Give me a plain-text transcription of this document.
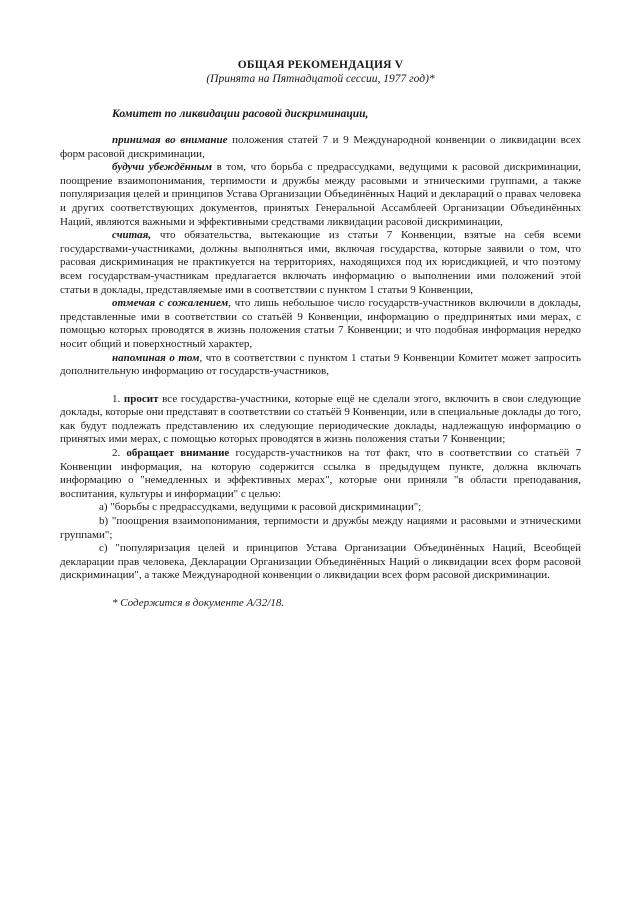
ОБЩАЯ РЕКОМЕНДАЦИЯ V

(Принята на Пятнадцатой сессии, 1977 год)*

Комитет по ликвидации расовой дискриминации,

принимая во внимание положения статей 7 и 9 Международной конвенции о ликвидации всех форм расовой дискриминации,

будучи убеждённым в том, что борьба с предрассудками, ведущими к расовой дискриминации, поощрение взаимопонимания, терпимости и дружбы между расовыми и этническими группами, а также популяризация целей и принципов Устава Организации Объединённых Наций и деклараций о правах человека и других соответствующих документов, принятых Генеральной Ассамблеей Организации Объединённых Наций, являются важными и эффективными средствами ликвидации расовой дискриминации,

считая, что обязательства, вытекающие из статьи 7 Конвенции, взятые на себя всеми государствами-участниками, должны выполняться ими, включая государства, которые заявили о том, что расовая дискриминация не практикуется на территориях, находящихся под их юрисдикцией, и что поэтому всем государствам-участникам предлагается включать информацию о выполнении ими положений этой статьи в доклады, представляемые ими в соответствии с пунктом 1 статьи 9 Конвенции,

отмечая с сожалением, что лишь небольшое число государств-участников включили в доклады, представленные ими в соответствии со статьёй 9 Конвенции, информацию о предпринятых ими мерах, с помощью которых проводятся в жизнь положения статьи 7 Конвенции; и что подобная информация нередко носит общий и поверхностный характер,

напоминая о том, что в соответствии с пунктом 1 статьи 9 Конвенции Комитет может запросить дополнительную информацию от государств-участников,

1. просит все государства-участники, которые ещё не сделали этого, включить в свои следующие доклады, которые они представят в соответствии со статьёй 9 Конвенции, или в специальные доклады до того, как будут подлежать представлению их следующие периодические доклады, надлежащую информацию о принятых ими мерах, с помощью которых проводятся в жизнь положения статьи 7 Конвенции;

2. обращает внимание государств-участников на тот факт, что в соответствии со статьёй 7 Конвенции информация, на которую содержится ссылка в предыдущем пункте, должна включать информацию о "немедленных и эффективных мерах", которые они приняли "в области преподавания, воспитания, культуры и информации" с целью:

a) "борьбы с предрассудками, ведущими к расовой дискриминации";

b) "поощрения взаимопонимания, терпимости и дружбы между нациями и расовыми и этническими группами";

c) "популяризация целей и принципов Устава Организации Объединённых Наций, Всеобщей декларации прав человека, Декларации Организации Объединённых Наций о ликвидации всех форм расовой дискриминации", а также Международной конвенции о ликвидации всех форм расовой дискриминации.

* Содержится в документе A/32/18.
